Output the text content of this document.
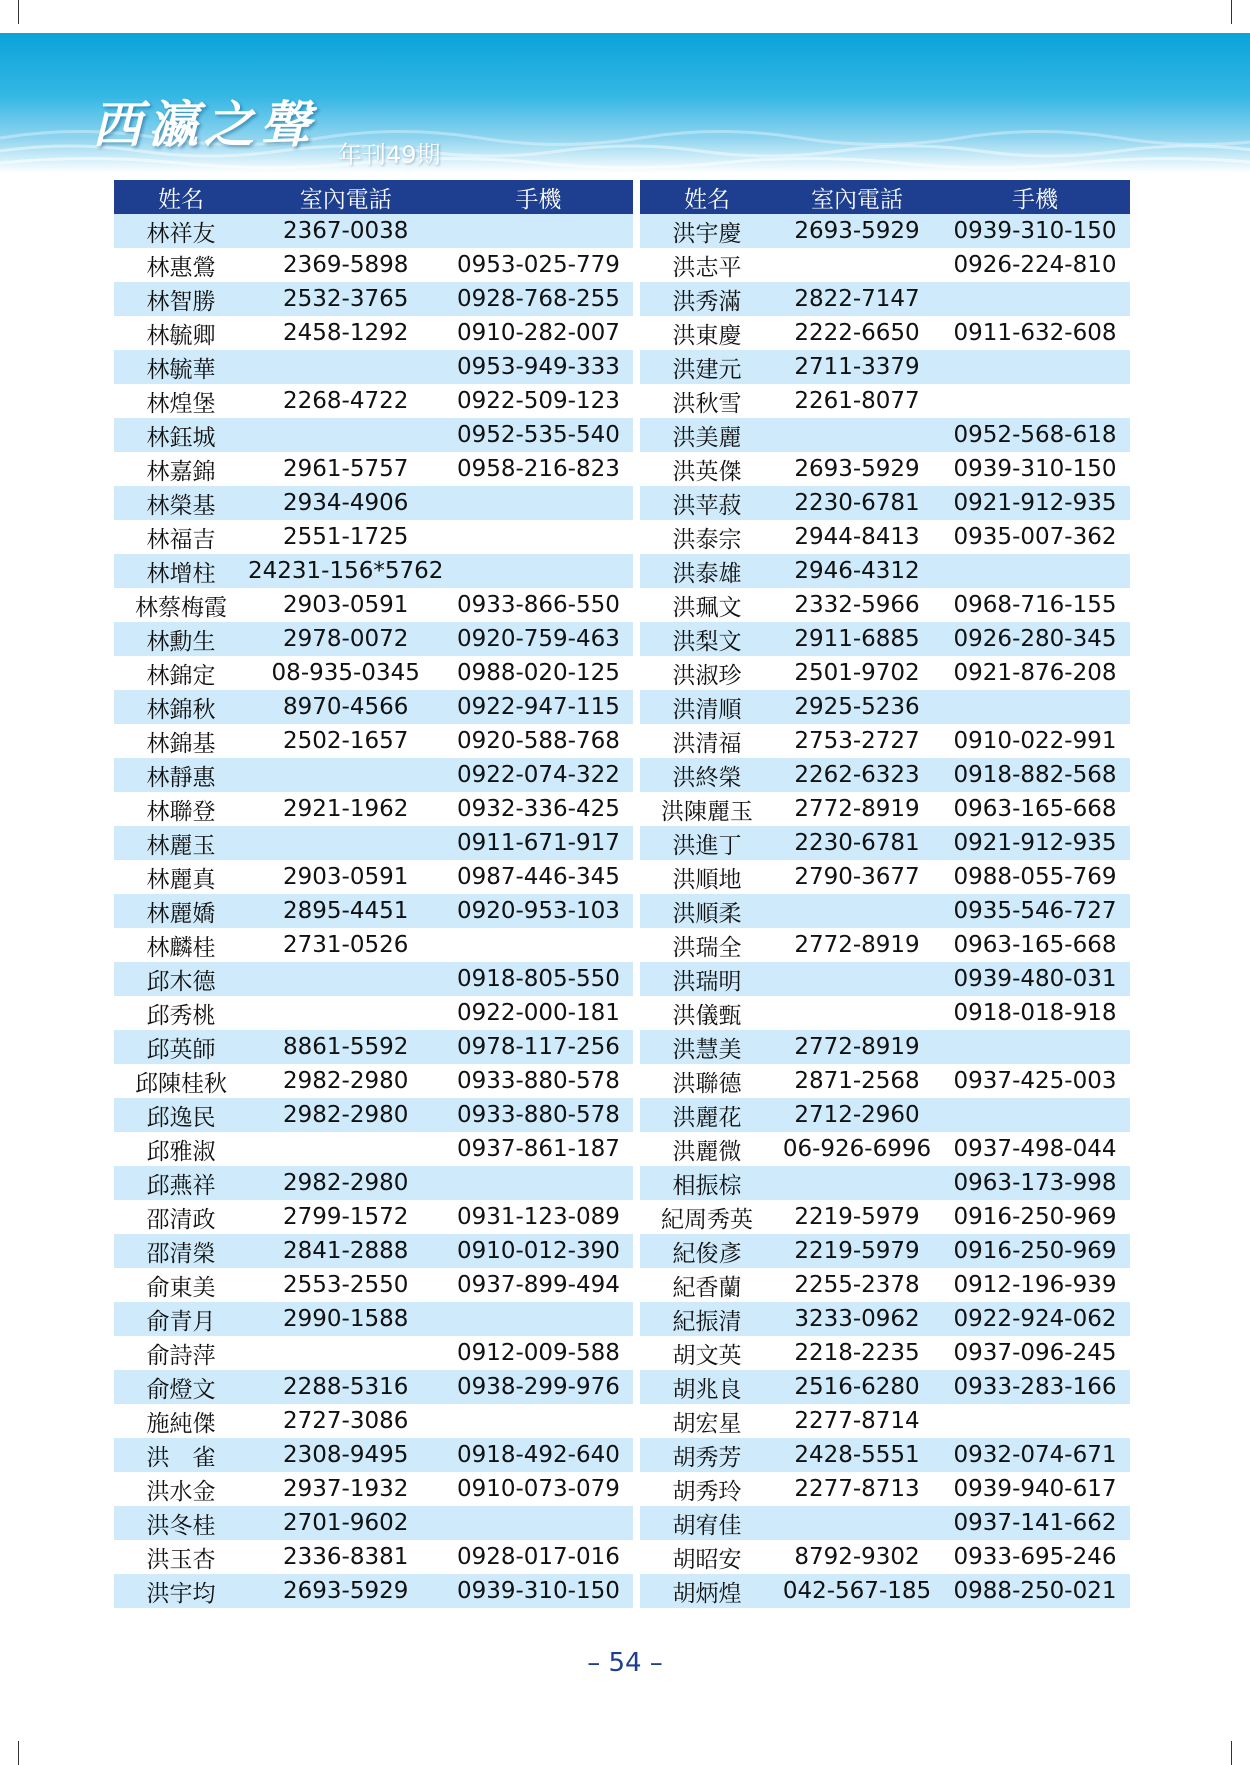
西瀛之聲
年刊49期
姓名	室內電話	手機
林祥友	2367-0038	
林惠鶯	2369-5898	0953-025-779
林智勝	2532-3765	0928-768-255
林毓卿	2458-1292	0910-282-007
林毓華		0953-949-333
林煌堡	2268-4722	0922-509-123
林鈺城		0952-535-540
林嘉錦	2961-5757	0958-216-823
林榮基	2934-4906	
林福吉	2551-1725	
林增柱	24231-156*5762	
林蔡梅霞	2903-0591	0933-866-550
林勳生	2978-0072	0920-759-463
林錦定	08-935-0345	0988-020-125
林錦秋	8970-4566	0922-947-115
林錦基	2502-1657	0920-588-768
林靜惠		0922-074-322
林聯登	2921-1962	0932-336-425
林麗玉		0911-671-917
林麗真	2903-0591	0987-446-345
林麗嬌	2895-4451	0920-953-103
林麟桂	2731-0526	
邱木德		0918-805-550
邱秀桃		0922-000-181
邱英師	8861-5592	0978-117-256
邱陳桂秋	2982-2980	0933-880-578
邱逸民	2982-2980	0933-880-578
邱雅淑		0937-861-187
邱燕祥	2982-2980	
邵清政	2799-1572	0931-123-089
邵清榮	2841-2888	0910-012-390
俞東美	2553-2550	0937-899-494
俞青月	2990-1588	
俞詩萍		0912-009-588
俞燈文	2288-5316	0938-299-976
施純傑	2727-3086	
洪　雀	2308-9495	0918-492-640
洪水金	2937-1932	0910-073-079
洪冬桂	2701-9602	
洪玉杏	2336-8381	0928-017-016
洪宇均	2693-5929	0939-310-150
姓名	室內電話	手機
洪宇慶	2693-5929	0939-310-150
洪志平		0926-224-810
洪秀滿	2822-7147	
洪東慶	2222-6650	0911-632-608
洪建元	2711-3379	
洪秋雪	2261-8077	
洪美麗		0952-568-618
洪英傑	2693-5929	0939-310-150
洪苹菽	2230-6781	0921-912-935
洪泰宗	2944-8413	0935-007-362
洪泰雄	2946-4312	
洪珮文	2332-5966	0968-716-155
洪梨文	2911-6885	0926-280-345
洪淑珍	2501-9702	0921-876-208
洪清順	2925-5236	
洪清福	2753-2727	0910-022-991
洪終榮	2262-6323	0918-882-568
洪陳麗玉	2772-8919	0963-165-668
洪進丁	2230-6781	0921-912-935
洪順地	2790-3677	0988-055-769
洪順柔		0935-546-727
洪瑞全	2772-8919	0963-165-668
洪瑞明		0939-480-031
洪儀甄		0918-018-918
洪慧美	2772-8919	
洪聯德	2871-2568	0937-425-003
洪麗花	2712-2960	
洪麗微	06-926-6996	0937-498-044
相振棕		0963-173-998
紀周秀英	2219-5979	0916-250-969
紀俊彥	2219-5979	0916-250-969
紀香蘭	2255-2378	0912-196-939
紀振清	3233-0962	0922-924-062
胡文英	2218-2235	0937-096-245
胡兆良	2516-6280	0933-283-166
胡宏星	2277-8714	
胡秀芳	2428-5551	0932-074-671
胡秀玲	2277-8713	0939-940-617
胡宥佳		0937-141-662
胡昭安	8792-9302	0933-695-246
胡炳煌	042-567-185	0988-250-021
– 54 –
